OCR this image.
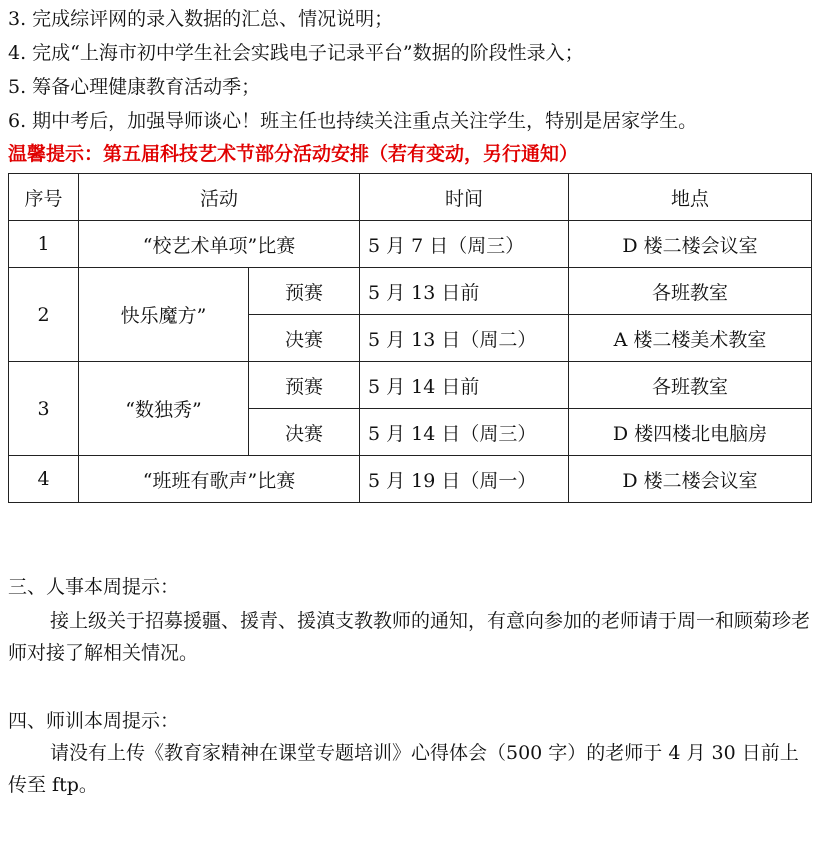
3. 完成综评网的录入数据的汇总、情况说明；
4. 完成“上海市初中学生社会实践电子记录平台”数据的阶段性录入；
5. 筹备心理健康教育活动季；
6. 期中考后，加强导师谈心！班主任也持续关注重点关注学生，特别是居家学生。
温馨提示：第五届科技艺术节部分活动安排（若有变动，另行通知）
序号	活动		时间	地点
1	“校艺术单项”比赛		5 月 7 日（周三）	D 楼二楼会议室
2	快乐魔方”	预赛	5 月 13 日前	各班教室
		决赛	5 月 13 日（周二）	A 楼二楼美术教室
3	“数独秀”	预赛	5 月 14 日前	各班教室
		决赛	5 月 14 日（周三）	D 楼四楼北电脑房
4	“班班有歌声”比赛		5 月 19 日（周一）	D 楼二楼会议室
三、人事本周提示：
接上级关于招募援疆、援青、援滇支教教师的通知，有意向参加的老师请于周一和顾菊珍老师对接了解相关情况。
四、师训本周提示：
请没有上传《教育家精神在课堂专题培训》心得体会（500 字）的老师于 4 月 30 日前上传至 ftp。
